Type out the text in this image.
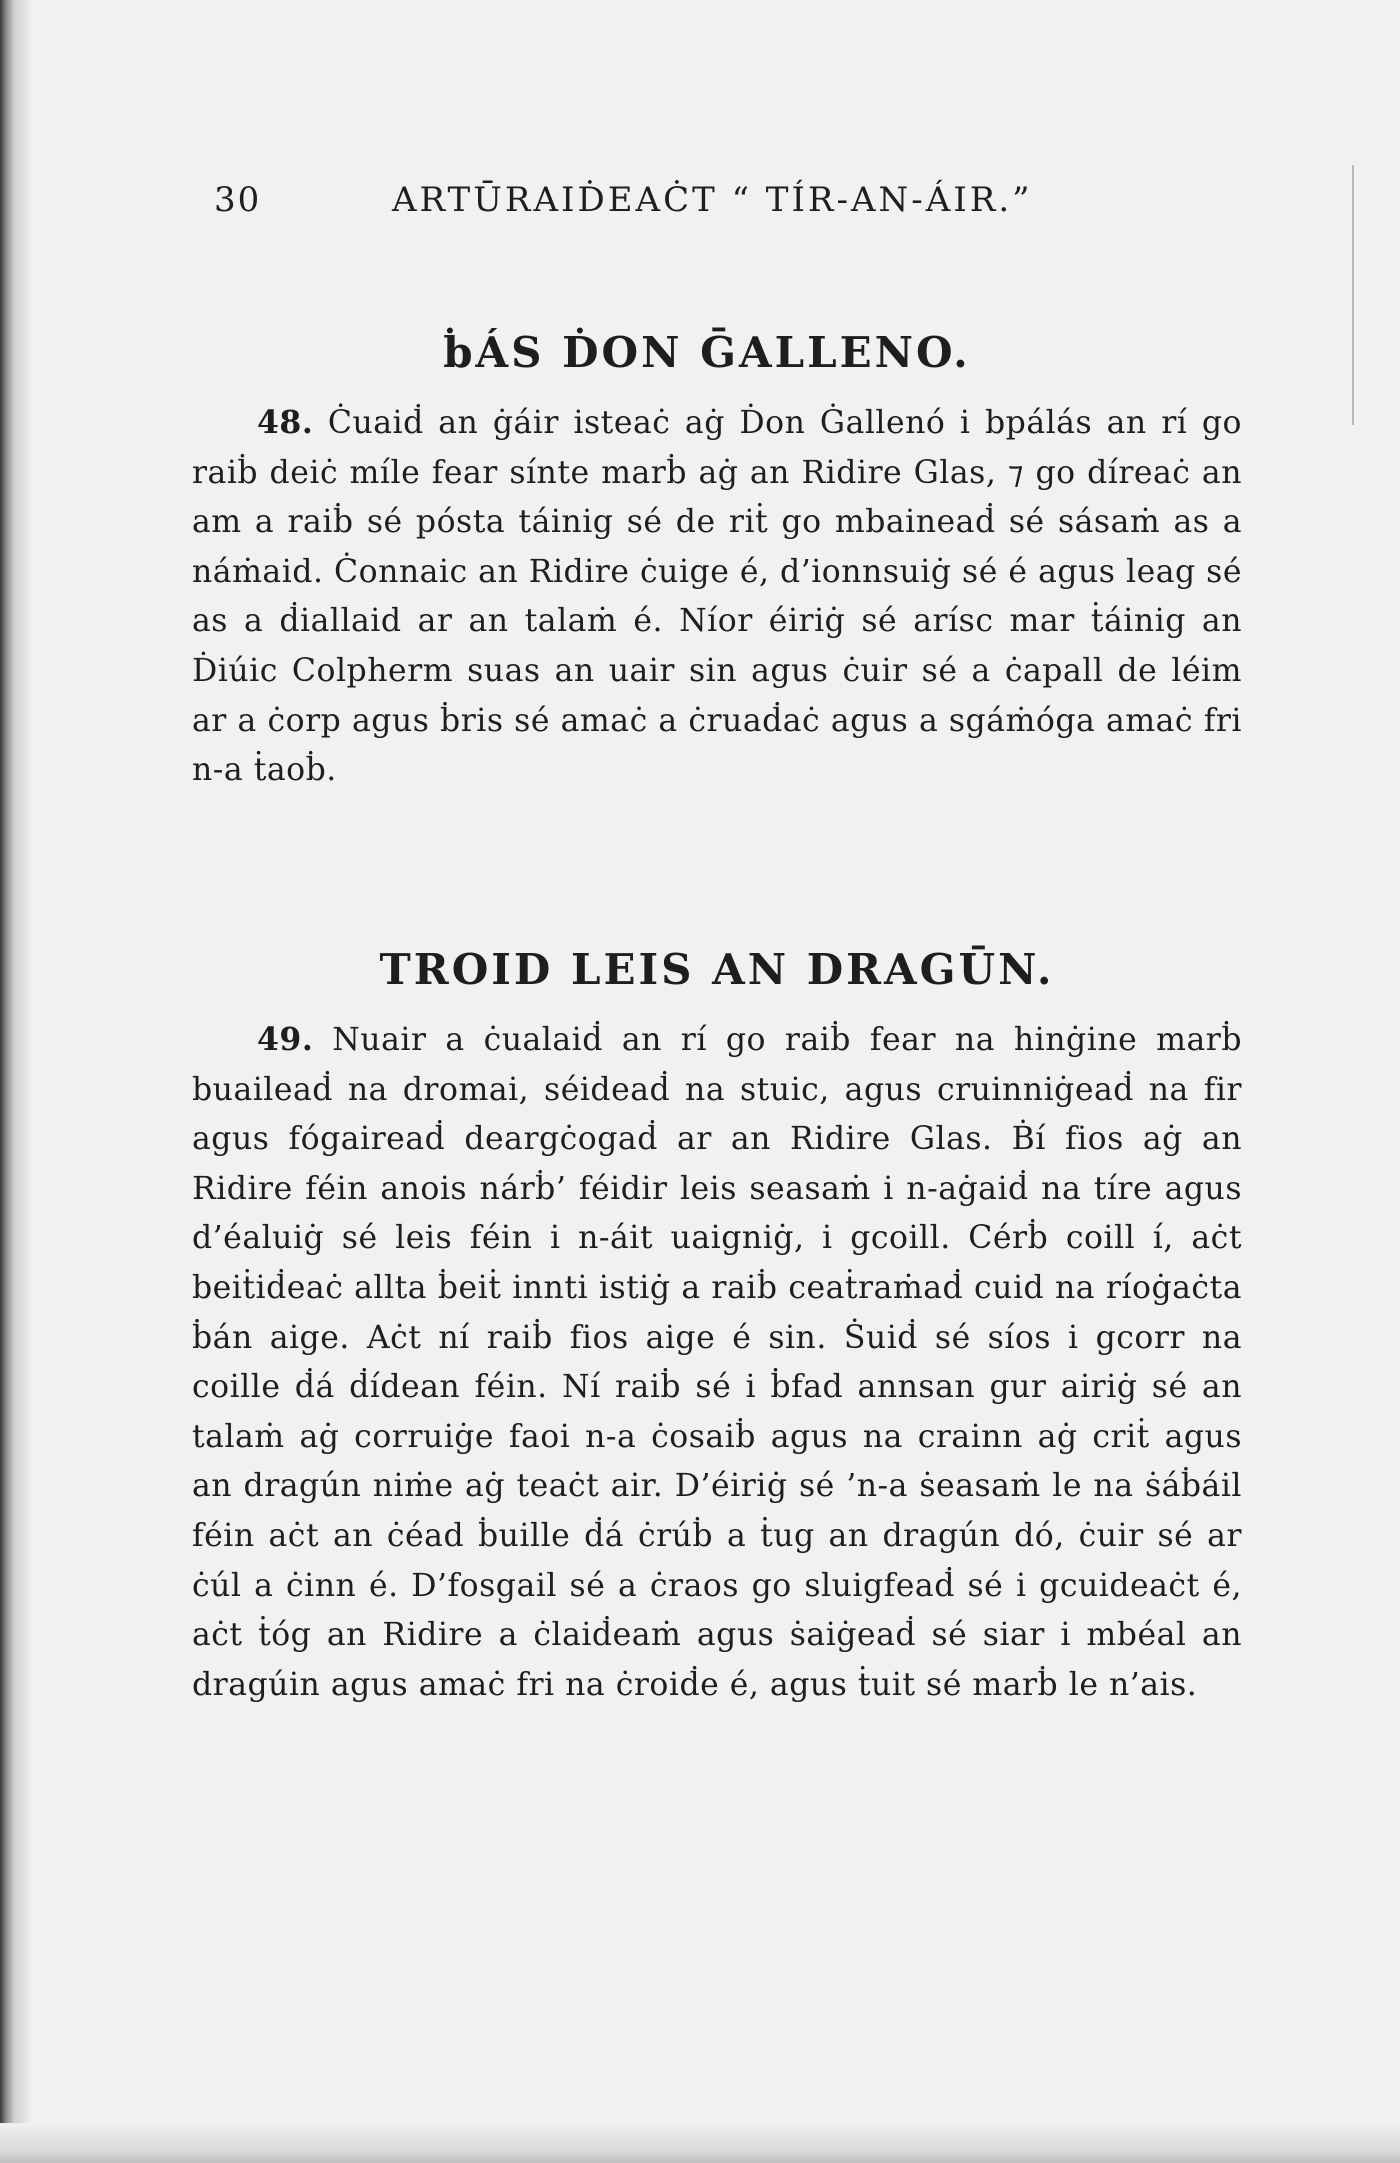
30	ARTŪRAIḊEAĊT “ TÍR-AN-ÁIR.”
ḃÁS ḊON ḠALLENO.

48. Ċuaiḋ an ġáir isteaċ aġ Ḋon Ġallenó i bpálás an rí go raiḃ deiċ míle fear sínte marḃ aġ an Ridire Glas, ⁊ go díreaċ an am a raiḃ sé pósta táinig sé de riṫ go mbaineaḋ sé sásaṁ as a náṁaid. Ċonnaic an Ridire ċuige é, d’ionnsuiġ sé é agus leag sé as a ḋiallaid ar an talaṁ é. Níor éiriġ sé arísc mar ṫáinig an Ḋiúic Colpherm suas an uair sin agus ċuir sé a ċapall de léim ar a ċorp agus ḃris sé amaċ a ċruaḋaċ agus a sgáṁóga amaċ fri n-a ṫaoḃ.

TROID LEIS AN DRAGŪN.

49. Nuair a ċualaiḋ an rí go raiḃ fear na hinġine marḃ buaileaḋ na dromai, séideaḋ na stuic, agus cruinniġeaḋ na fir agus fógaireaḋ deargċogaḋ ar an Ridire Glas. Ḃí fios aġ an Ridire féin anois nárḃ’ féidir leis seasaṁ i n-aġaiḋ na tíre agus d’éaluiġ sé leis féin i n-áit uaigniġ, i gcoill. Cérḃ coill í, aċt beiṫiḋeaċ allta ḃeiṫ innti istiġ a raiḃ ceaṫraṁaḋ cuid na ríoġaċta ḃán aige. Aċt ní raiḃ fios aige é sin. Ṡuiḋ sé síos i gcorr na coille ḋá ḋídean féin. Ní raiḃ sé i ḃfad annsan gur airiġ sé an talaṁ aġ corruiġe faoi n-a ċosaiḃ agus na crainn aġ criṫ agus an dragún niṁe aġ teaċt air. D’éiriġ sé ’n-a ṡeasaṁ le na ṡáḃáil féin aċt an ċéad ḃuille ḋá ċrúḃ a ṫug an dragún dó, ċuir sé ar ċúl a ċinn é. D’fosgail sé a ċraos go sluigfeaḋ sé i gcuideaċt é, aċt ṫóg an Ridire a ċlaiḋeaṁ agus ṡaiġeaḋ sé siar i mbéal an dragúin agus amaċ fri na ċroiḋe é, agus ṫuit sé marḃ le n’ais.
